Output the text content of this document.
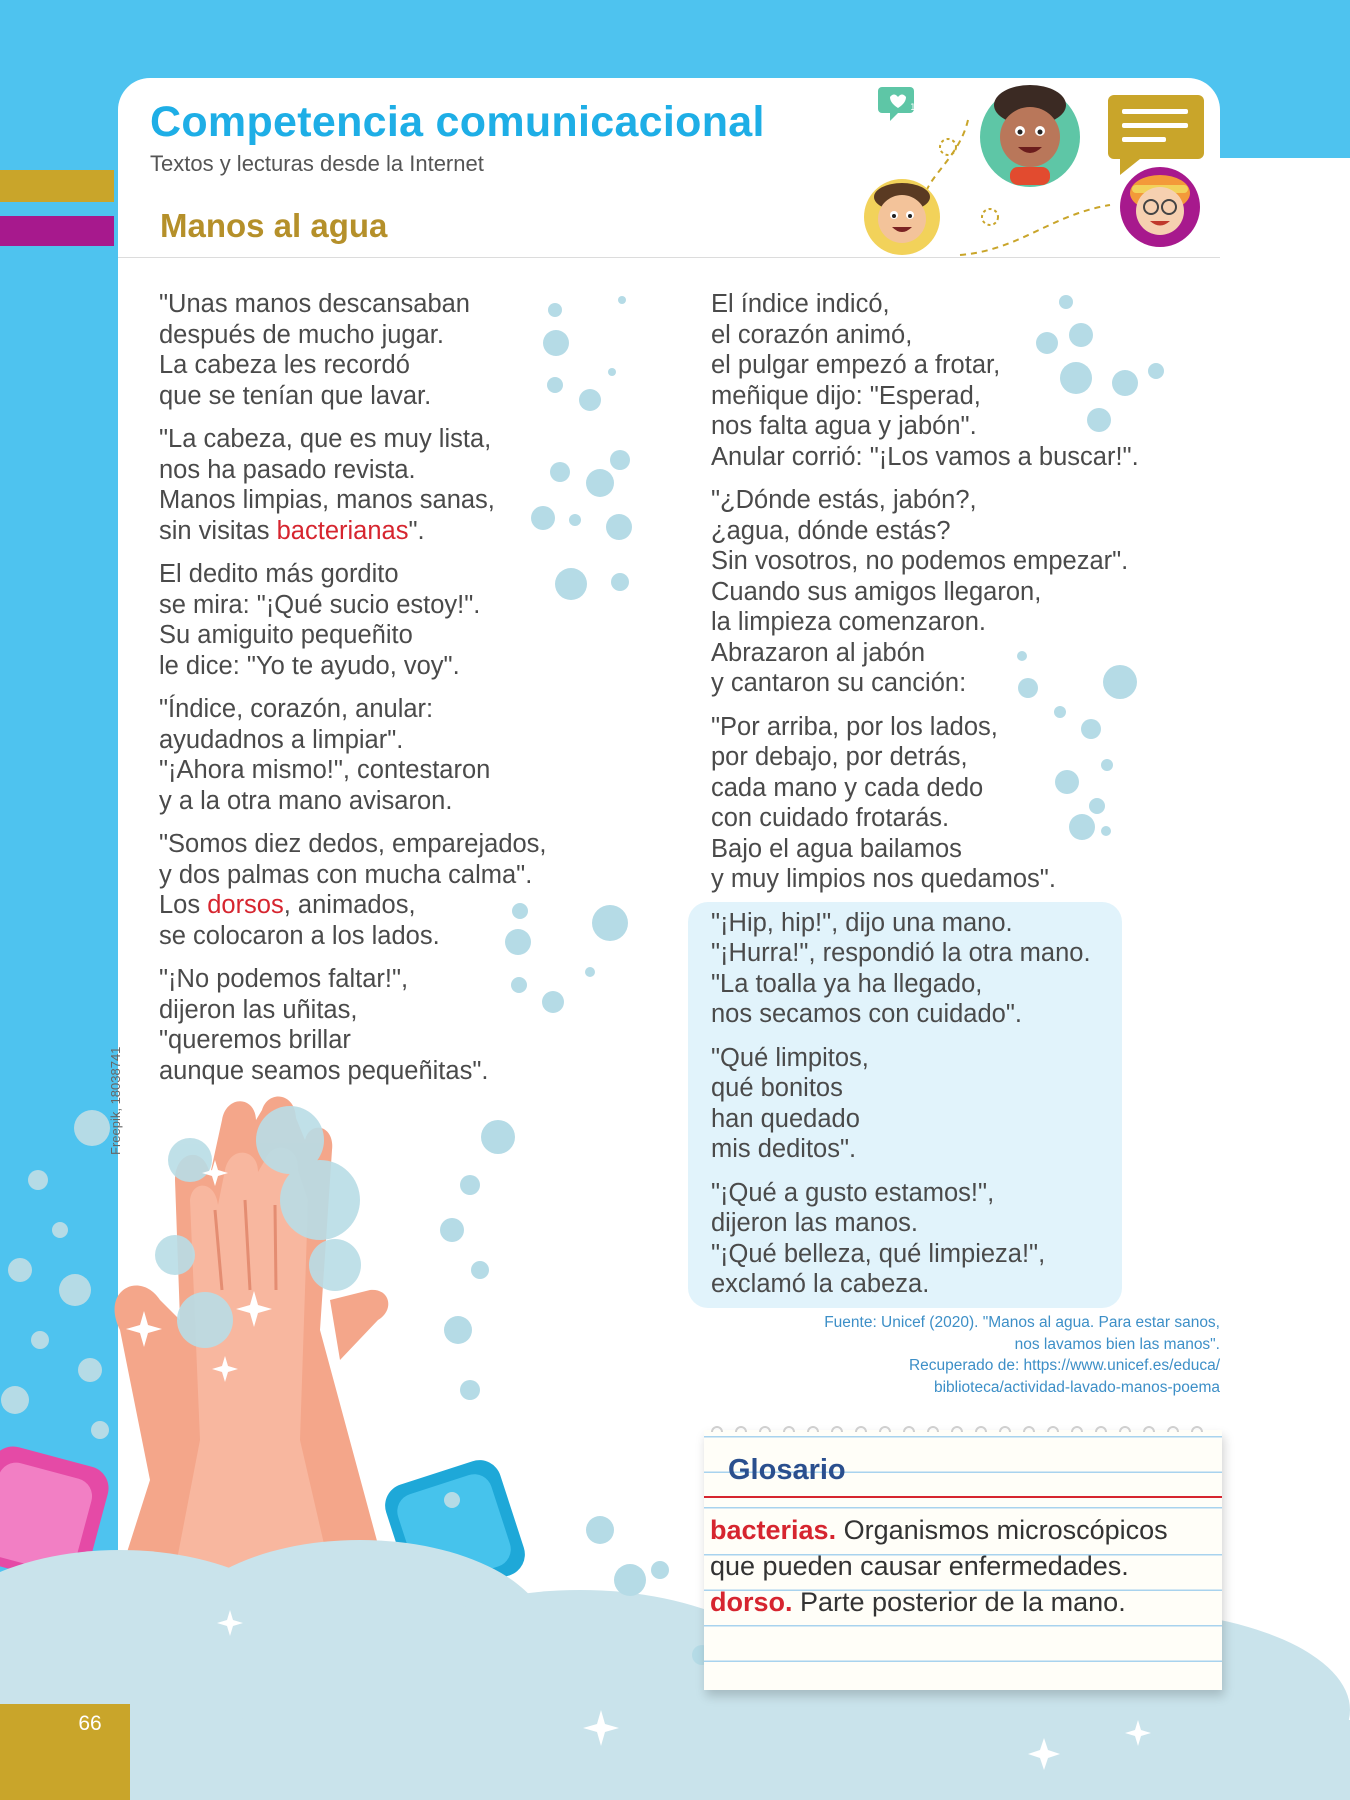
Competencia comunicacional
Textos y lecturas desde la Internet
Manos al agua
1
66

"Unas manos descansaban
después de mucho jugar.
La cabeza les recordó
que se tenían que lavar.

"La cabeza, que es muy lista,
nos ha pasado revista.
Manos limpias, manos sanas,
sin visitas bacterianas".

El dedito más gordito
se mira: "¡Qué sucio estoy!".
Su amiguito pequeñito
le dice: "Yo te ayudo, voy".

"Índice, corazón, anular:
ayudadnos a limpiar".
"¡Ahora mismo!", contestaron
y a la otra mano avisaron.

"Somos diez dedos, emparejados,
y dos palmas con mucha calma".
Los dorsos, animados,
se colocaron a los lados.

"¡No podemos faltar!",
dijeron las uñitas,
"queremos brillar
aunque seamos pequeñitas".

El índice indicó,
el corazón animó,
el pulgar empezó a frotar,
meñique dijo: "Esperad,
nos falta agua y jabón".
Anular corrió: "¡Los vamos a buscar!".

"¿Dónde estás, jabón?,
¿agua, dónde estás?
Sin vosotros, no podemos empezar".
Cuando sus amigos llegaron,
la limpieza comenzaron.
Abrazaron al jabón
y cantaron su canción:

"Por arriba, por los lados,
por debajo, por detrás,
cada mano y cada dedo
con cuidado frotarás.
Bajo el agua bailamos
y muy limpios nos quedamos".

"¡Hip, hip!", dijo una mano.
"¡Hurra!", respondió la otra mano.
"La toalla ya ha llegado,
nos secamos con cuidado".

"Qué limpitos,
qué bonitos
han quedado
mis deditos".

"¡Qué a gusto estamos!",
dijeron las manos.
"¡Qué belleza, qué limpieza!",
exclamó la cabeza.

Freepik, 18038741
Fuente: Unicef (2020). "Manos al agua. Para estar sanos,
nos lavamos bien las manos".
Recuperado de: https://www.unicef.es/educa/
biblioteca/actividad-lavado-manos-poema
Glosario

bacterias. Organismos microscópicos que pueden causar enfermedades.

dorso. Parte posterior de la mano.
